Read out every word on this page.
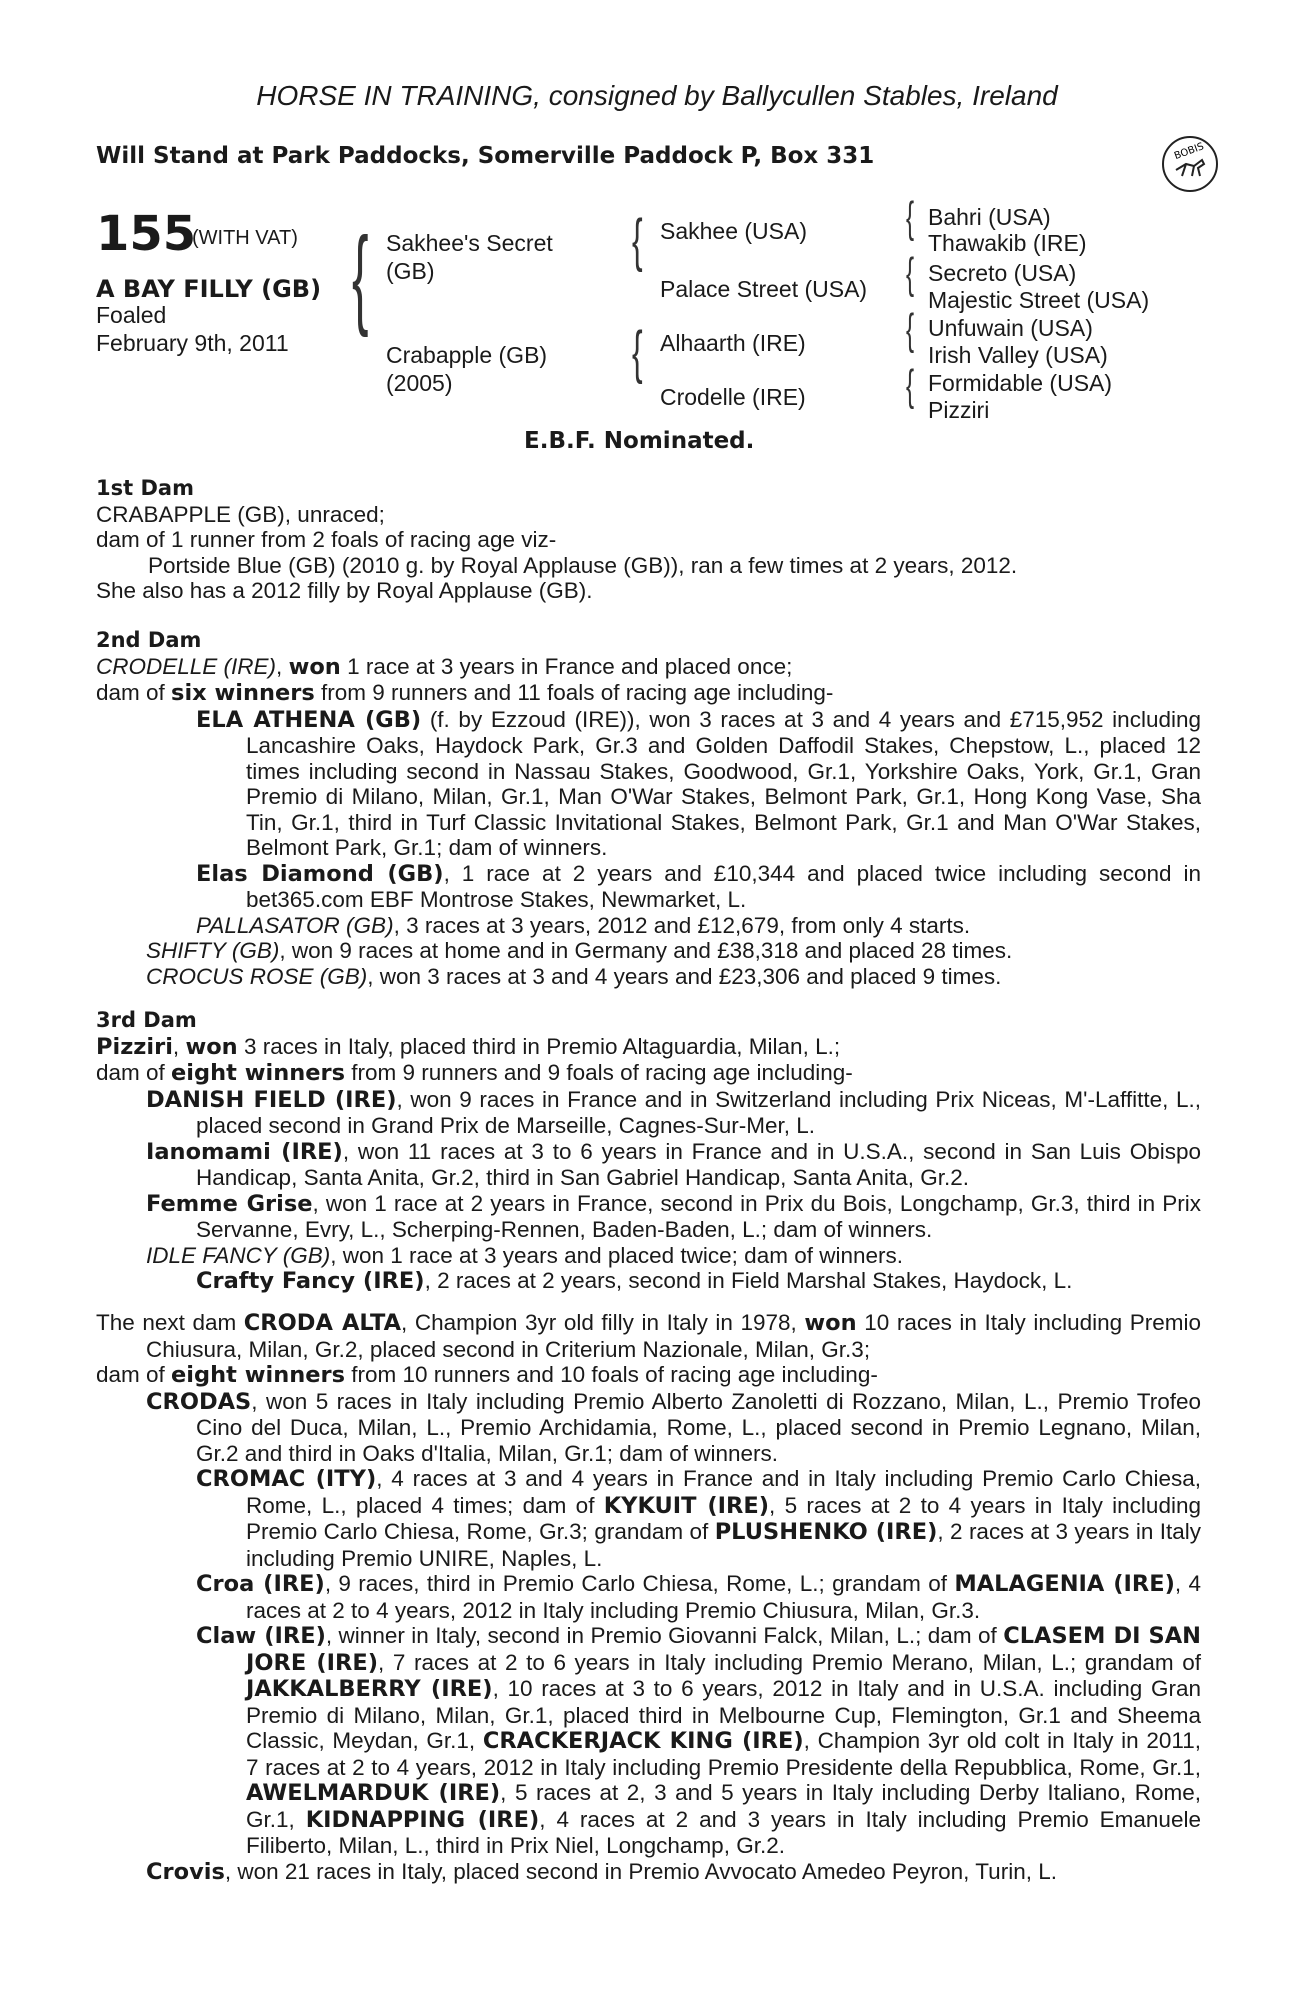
HORSE IN TRAINING, consigned by Ballycullen Stables, Ireland
Will Stand at Park Paddocks, Somerville Paddock P, Box 331	BOBIS
155
(WITH VAT)
A BAY FILLY (GB)
Foaled
February 9th, 2011
{ Sakhee's Secret
(GB)
Crabapple (GB)
(2005)
{
{
Sakhee (USA)
Palace Street (USA)
Alhaarth (IRE)
Crodelle (IRE)
{
{
{
{
Bahri (USA)
Thawakib (IRE)
Secreto (USA)
Majestic Street (USA)
Unfuwain (USA)
Irish Valley (USA)
Formidable (USA)
Pizziri
E.B.F. Nominated.
1st Dam

CRABAPPLE (GB), unraced;

dam of 1 runner from 2 foals of racing age viz-

Portside Blue (GB) (2010 g. by Royal Applause (GB)), ran a few times at 2 years, 2012.

She also has a 2012 filly by Royal Applause (GB).

2nd Dam

CRODELLE (IRE), won 1 race at 3 years in France and placed once;

dam of six winners from 9 runners and 11 foals of racing age including-

ELA ATHENA (GB) (f. by Ezzoud (IRE)), won 3 races at 3 and 4 years and £715,952 including Lancashire Oaks, Haydock Park, Gr.3 and Golden Daffodil Stakes, Chepstow, L., placed 12 times including second in Nassau Stakes, Goodwood, Gr.1, Yorkshire Oaks, York, Gr.1, Gran Premio di Milano, Milan, Gr.1, Man O'War Stakes, Belmont Park, Gr.1, Hong Kong Vase, Sha Tin, Gr.1, third in Turf Classic Invitational Stakes, Belmont Park, Gr.1 and Man O'War Stakes, Belmont Park, Gr.1; dam of winners.

Elas Diamond (GB), 1 race at 2 years and £10,344 and placed twice including second in bet365.com EBF Montrose Stakes, Newmarket, L.

PALLASATOR (GB), 3 races at 3 years, 2012 and £12,679, from only 4 starts.

SHIFTY (GB), won 9 races at home and in Germany and £38,318 and placed 28 times.

CROCUS ROSE (GB), won 3 races at 3 and 4 years and £23,306 and placed 9 times.

3rd Dam

Pizziri, won 3 races in Italy, placed third in Premio Altaguardia, Milan, L.;

dam of eight winners from 9 runners and 9 foals of racing age including-

DANISH FIELD (IRE), won 9 races in France and in Switzerland including Prix Niceas, M'-Laffitte, L., placed second in Grand Prix de Marseille, Cagnes-Sur-Mer, L.

Ianomami (IRE), won 11 races at 3 to 6 years in France and in U.S.A., second in San Luis Obispo Handicap, Santa Anita, Gr.2, third in San Gabriel Handicap, Santa Anita, Gr.2.

Femme Grise, won 1 race at 2 years in France, second in Prix du Bois, Longchamp, Gr.3, third in Prix Servanne, Evry, L., Scherping-Rennen, Baden-Baden, L.; dam of winners.

IDLE FANCY (GB), won 1 race at 3 years and placed twice; dam of winners.

Crafty Fancy (IRE), 2 races at 2 years, second in Field Marshal Stakes, Haydock, L.

The next dam CRODA ALTA, Champion 3yr old filly in Italy in 1978, won 10 races in Italy including Premio Chiusura, Milan, Gr.2, placed second in Criterium Nazionale, Milan, Gr.3;

dam of eight winners from 10 runners and 10 foals of racing age including-

CRODAS, won 5 races in Italy including Premio Alberto Zanoletti di Rozzano, Milan, L., Premio Trofeo Cino del Duca, Milan, L., Premio Archidamia, Rome, L., placed second in Premio Legnano, Milan, Gr.2 and third in Oaks d'Italia, Milan, Gr.1; dam of winners.

CROMAC (ITY), 4 races at 3 and 4 years in France and in Italy including Premio Carlo Chiesa, Rome, L., placed 4 times; dam of KYKUIT (IRE), 5 races at 2 to 4 years in Italy including Premio Carlo Chiesa, Rome, Gr.3; grandam of PLUSHENKO (IRE), 2 races at 3 years in Italy including Premio UNIRE, Naples, L.

Croa (IRE), 9 races, third in Premio Carlo Chiesa, Rome, L.; grandam of MALAGENIA (IRE), 4 races at 2 to 4 years, 2012 in Italy including Premio Chiusura, Milan, Gr.3.

Claw (IRE), winner in Italy, second in Premio Giovanni Falck, Milan, L.; dam of CLASEM DI SAN JORE (IRE), 7 races at 2 to 6 years in Italy including Premio Merano, Milan, L.; grandam of JAKKALBERRY (IRE), 10 races at 3 to 6 years, 2012 in Italy and in U.S.A. including Gran Premio di Milano, Milan, Gr.1, placed third in Melbourne Cup, Flemington, Gr.1 and Sheema Classic, Meydan, Gr.1, CRACKERJACK KING (IRE), Champion 3yr old colt in Italy in 2011, 7 races at 2 to 4 years, 2012 in Italy including Premio Presidente della Repubblica, Rome, Gr.1, AWELMARDUK (IRE), 5 races at 2, 3 and 5 years in Italy including Derby Italiano, Rome, Gr.1, KIDNAPPING (IRE), 4 races at 2 and 3 years in Italy including Premio Emanuele Filiberto, Milan, L., third in Prix Niel, Longchamp, Gr.2.

Crovis, won 21 races in Italy, placed second in Premio Avvocato Amedeo Peyron, Turin, L.
